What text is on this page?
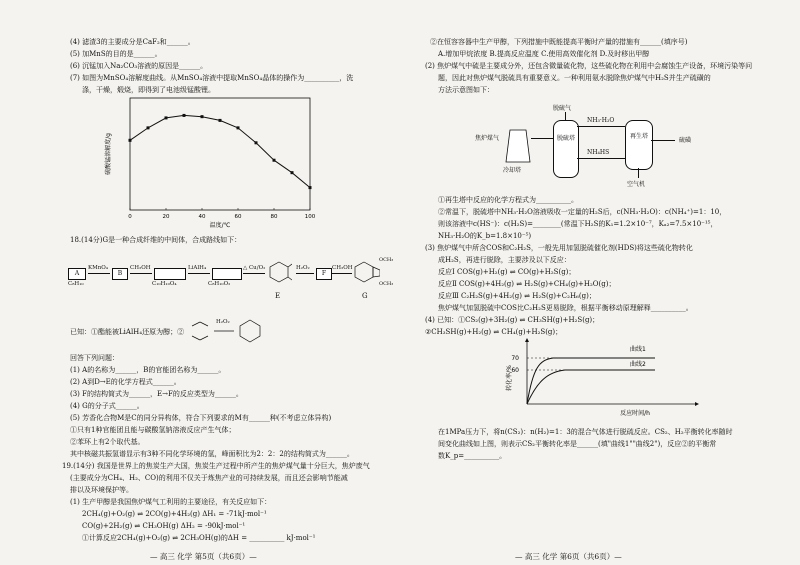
(4) 滤渣3的主要成分是CaF₂和______。
(5) 加MnS的目的是______。
(6) 沉锰加入Na₂CO₃溶液的原因是______。
(7) 如图为MnSO₄溶解度曲线。从MnSO₄溶液中提取MnSO₄晶体的操作为__________，洗
涤，干燥，煅烧，即得到了电池级锰酸锂。
0	20	40	60	80	100
硫酸锰溶解度/g
温度/℃
18.(14分)G是一种合成纤维的中间体，合成路线如下：
A
C₈H₁₀
KMnO₄
B
CH₃OH
C₁₀H₁₀O₄
LiAlH₄
C₈H₁₀O₂
△ Cu/O₂
E
H₂O₂
F
CH₃OH
OCH₃
OCH₃
G
已知：①酯能被LiAlH₄还原为醇；②
H₂O₂
回答下列问题：
(1) A的名称为______，B的官能团名称为______。
(2) A到D→E的化学方程式______。
(3) F的结构简式为______，E→F的反应类型为______。
(4) G的分子式______。
(5) 芳香化合物M是C的同分异构体，符合下列要求的M有______种(不考虑立体异构)
①只有1种官能团且能与碳酸氢钠溶液反应产生气体；
②苯环上有2个取代基。
其中核磁共振氢谱显示有3种不同化学环境的氢，峰面积比为2：2：2的结构简式为______。
19.(14分) 我国是世界上的焦炭生产大国，焦炭生产过程中所产生的焦炉煤气量十分巨大，焦炉废气
(主要成分为CH₄、H₂、CO)的利用不仅关于炼焦产业的可持续发展，而且还会影响节能减
排以及环境保护等。
(1) 生产甲醇是我国焦炉煤气工利用的主要途径，有关反应如下：
2CH₄(g)+O₂(g) ⇌ 2CO(g)+4H₂(g) ΔH₁ = -71kJ·mol⁻¹
CO(g)+2H₂(g) ⇌ CH₃OH(g) ΔH₂ = -90kJ·mol⁻¹
①计算反应2CH₄(g)+O₂(g) ⇌ 2CH₃OH(g)的ΔH = __________ kJ·mol⁻¹
— 高三 化学 第5页（共6页）—
②在恒容容器中生产甲醇，下列措施中既能提高平衡时产量的措施有______(填序号)
A.增加甲烷浓度 B.提高反应温度 C.使用高效催化剂 D.及时移出甲醇
(2) 焦炉煤气中硫是主要成分外，还包含微量硫化物，这些硫化物在利用中会腐蚀生产设备，环境污染等问
题，因此对焦炉煤气脱硫具有重要意义。一种利用氨水脱除焦炉煤气中H₂S并生产硫磺的
方法示意图如下：
脱硫气
焦炉煤气
冷却塔
脱硫塔
NH₃·H₂O
NH₄HS
再生塔
硫磺
空气机
①再生塔中反应的化学方程式为__________。
②常温下，脱硫塔中NH₃·H₂O溶液吸收一定量的H₂S后，c(NH₃·H₂O)：c(NH₄⁺)=1：10，
则该溶液中c(HS⁻)：c(H₂S)=________(常温下H₂S的K₁=1.2×10⁻⁷，Kₐ₂=7.5×10⁻¹⁵，
NH₃·H₂O的K_b=1.8×10⁻⁵)
(3) 焦炉煤气中所含COS和C₂H₂S，一般先用加氢脱硫催化剂(HDS)将这些硫化物转化
成H₂S，再进行脱除，主要涉及以下反应：
反应Ⅰ COS(g)+H₂(g) ⇌ CO(g)+H₂S(g)；
反应Ⅱ COS(g)+4H₂(g) ⇌ H₂S(g)+CH₄(g)+H₂O(g)；
反应Ⅲ C₂H₂S(g)+4H₂(g) ⇌ H₂S(g)+C₂H₆(g)；
焦炉煤气加氢脱硫中COS比C₂H₂S更易脱除，根据平衡移动原理解释__________。
(4) 已知：①CS₂(g)+3H₂(g) ⇌ CH₃SH(g)+H₂S(g)；
②CH₃SH(g)+H₂(g) ⇌ CH₄(g)+H₂S(g)；
70
60
曲线1
曲线2
转化率/%
反应时间/h
在1MPa压力下，将n(CS₂)：n(H₂)=1：3的混合气体进行脱硫反应。CS₂、H₂平衡转化率随时
间变化曲线如上图，则表示CS₂平衡转化率是______(填"曲线1""曲线2")，反应②的平衡常
数K_p=__________。
— 高三 化学 第6页（共6页）—
